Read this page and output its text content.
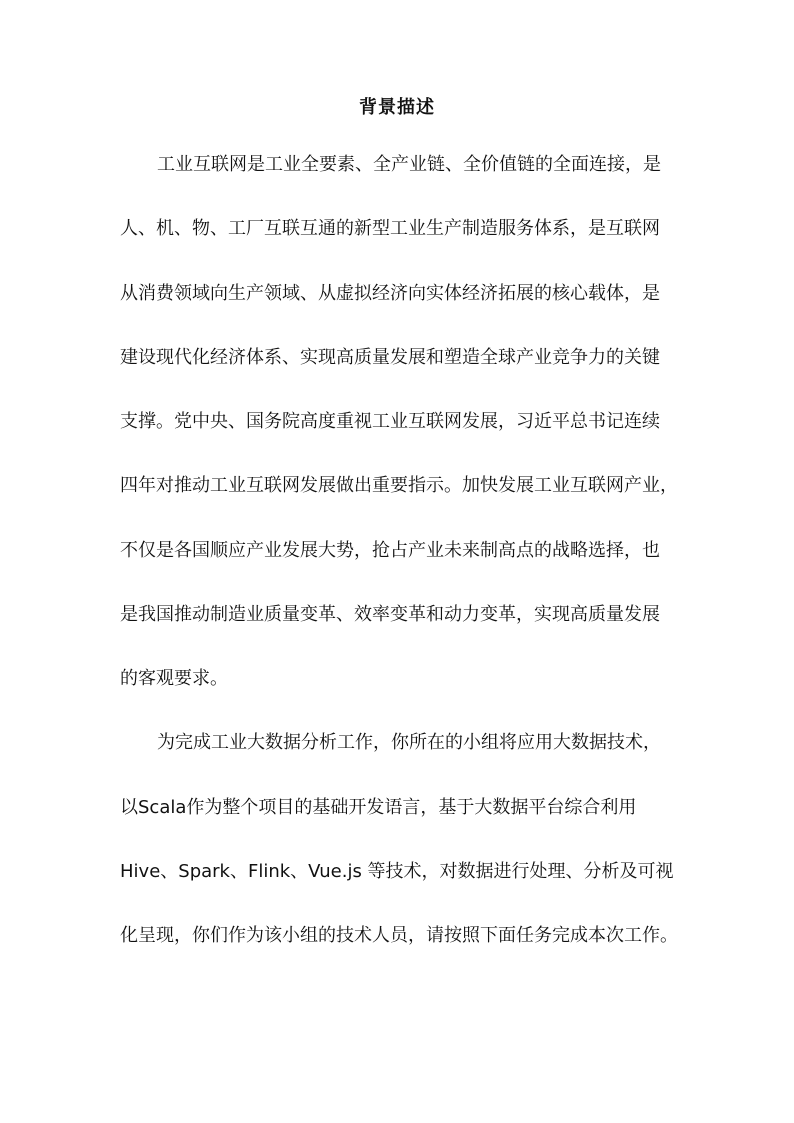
背景描述
工业互联网是工业全要素、全产业链、全价值链的全面连接，是
人、机、物、工厂互联互通的新型工业生产制造服务体系，是互联网
从消费领域向生产领域、从虚拟经济向实体经济拓展的核心载体，是
建设现代化经济体系、实现高质量发展和塑造全球产业竞争力的关键
支撑。党中央、国务院高度重视工业互联网发展，习近平总书记连续
四年对推动工业互联网发展做出重要指示。加快发展工业互联网产业，
不仅是各国顺应产业发展大势，抢占产业未来制高点的战略选择，也
是我国推动制造业质量变革、效率变革和动力变革，实现高质量发展
的客观要求。
为完成工业大数据分析工作，你所在的小组将应用大数据技术，
以Scala作为整个项目的基础开发语言，基于大数据平台综合利用
Hive、Spark、Flink、Vue.js 等技术，对数据进行处理、分析及可视
化呈现，你们作为该小组的技术人员，请按照下面任务完成本次工作。
